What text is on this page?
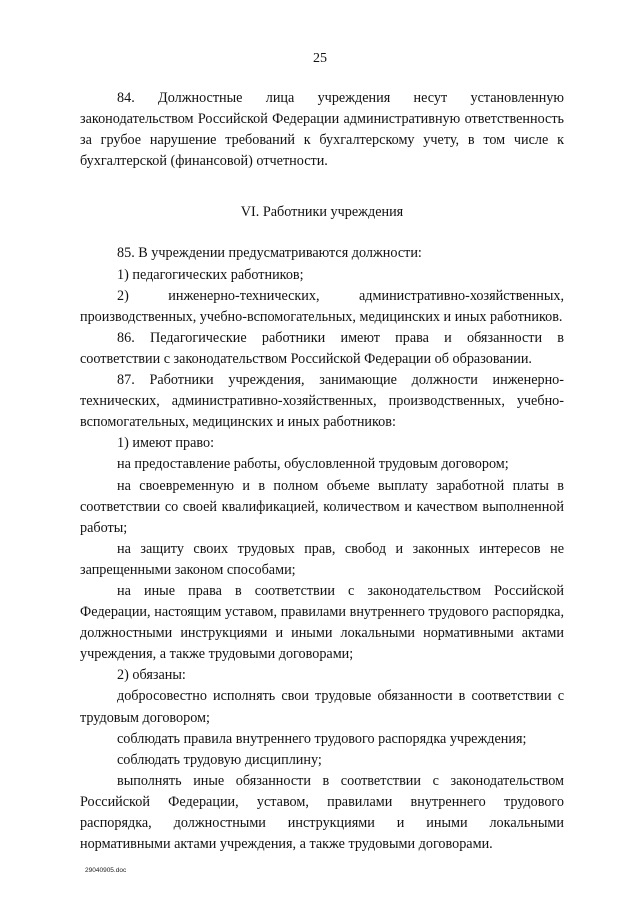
25
84. Должностные лица учреждения несут установленную законодательством Российской Федерации административную ответственность за грубое нарушение требований к бухгалтерскому учету, в том числе к бухгалтерской (финансовой) отчетности.
VI. Работники учреждения
85. В учреждении предусматриваются должности:
1) педагогических работников;
2) инженерно-технических, административно-хозяйственных, производственных, учебно-вспомогательных, медицинских и иных работников.
86. Педагогические работники имеют права и обязанности в соответствии с законодательством Российской Федерации об образовании.
87. Работники учреждения, занимающие должности инженерно-технических, административно-хозяйственных, производственных, учебно-вспомогательных, медицинских и иных работников:
1) имеют право:
на предоставление работы, обусловленной трудовым договором;
на своевременную и в полном объеме выплату заработной платы в соответствии со своей квалификацией, количеством и качеством выполненной работы;
на защиту своих трудовых прав, свобод и законных интересов не запрещенными законом способами;
на иные права в соответствии с законодательством Российской Федерации, настоящим уставом, правилами внутреннего трудового распорядка, должностными инструкциями и иными локальными нормативными актами учреждения, а также трудовыми договорами;
2) обязаны:
добросовестно исполнять свои трудовые обязанности в соответствии с трудовым договором;
соблюдать правила внутреннего трудового распорядка учреждения;
соблюдать трудовую дисциплину;
выполнять иные обязанности в соответствии с законодательством Российской Федерации, уставом, правилами внутреннего трудового распорядка, должностными инструкциями и иными локальными нормативными актами учреждения, а также трудовыми договорами.
29040905.doc
